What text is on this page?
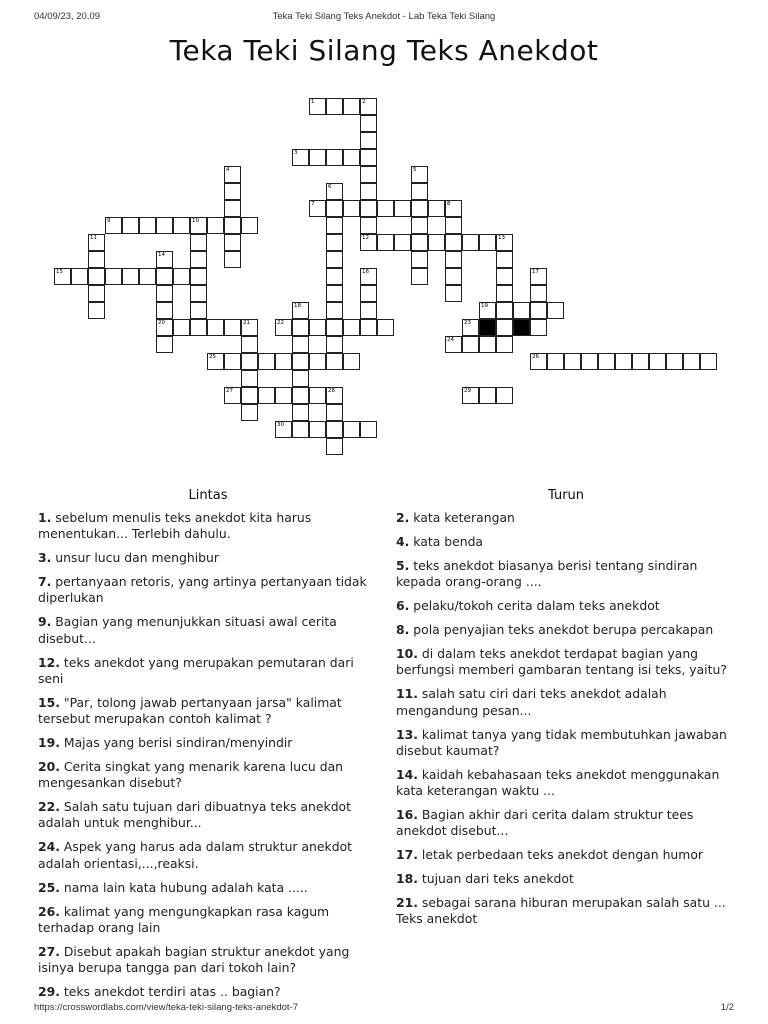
04/09/23, 20.09	Teka Teki Silang Teks Anekdot - Lab Teka Teki Silang
Teka Teki Silang Teks Anekdot
1	2
3
4	5
6
7	8
9	10
11	12	13
14
20
15	16	17
18	19
21	22	23
24
25	26
27	28	29
30
Lintas
1. sebelum menulis teks anekdot kita harus menentukan... Terlebih dahulu.
3. unsur lucu dan menghibur
7. pertanyaan retoris, yang artinya pertanyaan tidak diperlukan
9. Bagian yang menunjukkan situasi awal cerita disebut...
12. teks anekdot yang merupakan pemutaran dari seni
15. "Par, tolong jawab pertanyaan jarsa" kalimat tersebut merupakan contoh kalimat ?
19. Majas yang berisi sindiran/menyindir
20. Cerita singkat yang menarik karena lucu dan mengesankan disebut?
22. Salah satu tujuan dari dibuatnya teks anekdot adalah untuk menghibur...
24. Aspek yang harus ada dalam struktur anekdot adalah orientasi,...,reaksi.
25. nama lain kata hubung adalah kata .....
26. kalimat yang mengungkapkan rasa kagum terhadap orang lain
27. Disebut apakah bagian struktur anekdot yang isinya berupa tangga pan dari tokoh lain?
29. teks anekdot terdiri atas .. bagian?
Turun
2. kata keterangan
4. kata benda
5. teks anekdot biasanya berisi tentang sindiran kepada orang-orang ....
6. pelaku/tokoh cerita dalam teks anekdot
8. pola penyajian teks anekdot berupa percakapan
10. di dalam teks anekdot terdapat bagian yang berfungsi memberi gambaran tentang isi teks, yaitu?
11. salah satu ciri dari teks anekdot adalah mengandung pesan...
13. kalimat tanya yang tidak membutuhkan jawaban disebut kaumat?
14. kaidah kebahasaan teks anekdot menggunakan kata keterangan waktu ...
16. Bagian akhir dari cerita dalam struktur tees anekdot disebut...
17. letak perbedaan teks anekdot dengan humor
18. tujuan dari teks anekdot
21. sebagai sarana hiburan merupakan salah satu ... Teks anekdot
https://crosswordlabs.com/view/teka-teki-silang-teks-anekdot-7	1/2
